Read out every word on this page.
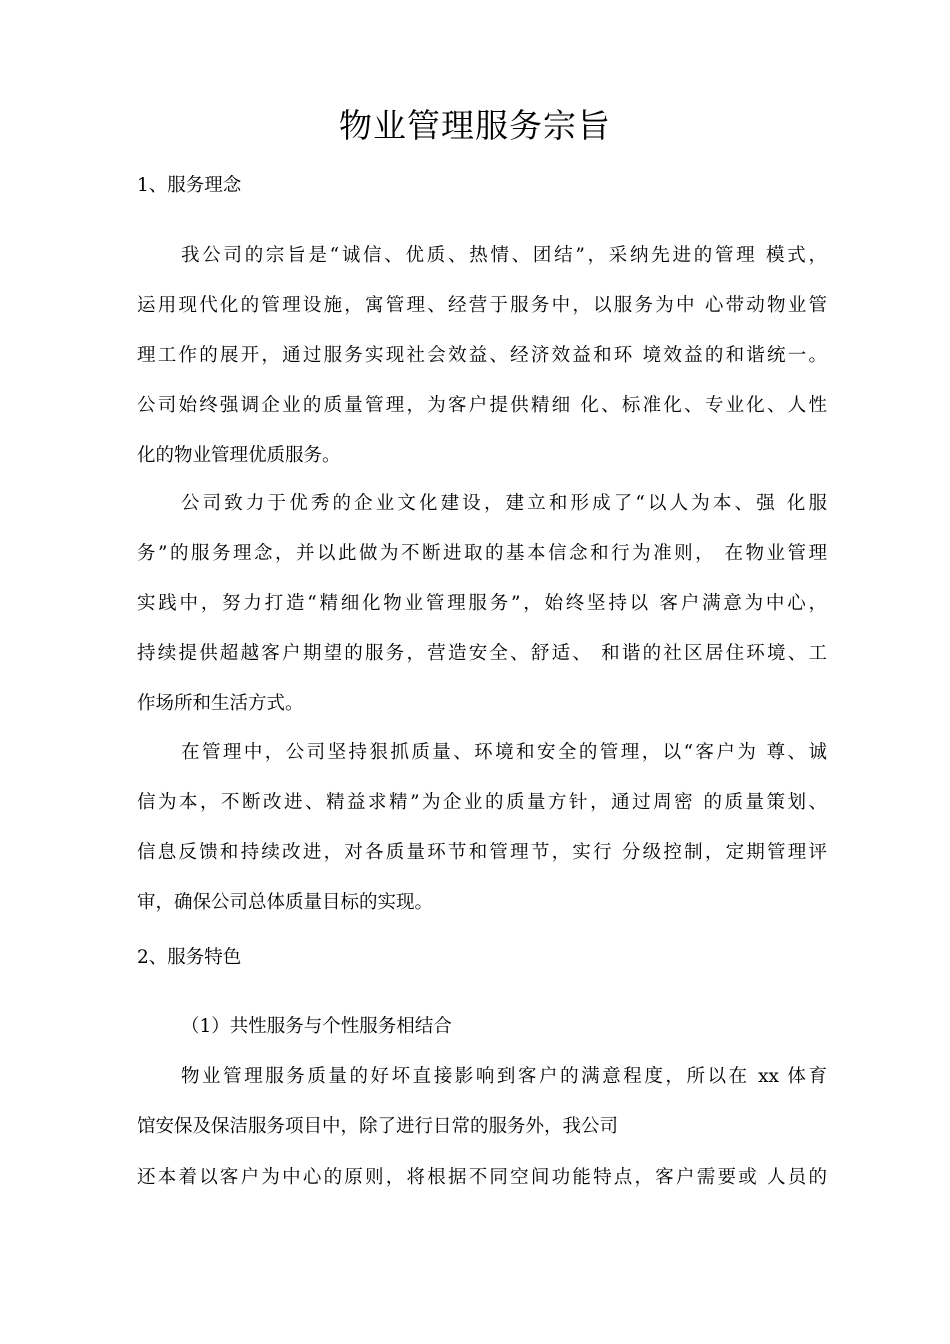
物业管理服务宗旨
1、服务理念
我公司的宗旨是“诚信、优质、热情、团结”，采纳先进的管理 模式，
运用现代化的管理设施，寓管理、经营于服务中，以服务为中 心带动物业管
理工作的展开，通过服务实现社会效益、经济效益和环 境效益的和谐统一。
公司始终强调企业的质量管理，为客户提供精细 化、标准化、专业化、人性
化的物业管理优质服务。
公司致力于优秀的企业文化建设，建立和形成了“以人为本、强 化服
务”的服务理念，并以此做为不断进取的基本信念和行为准则， 在物业管理
实践中，努力打造“精细化物业管理服务”，始终坚持以 客户满意为中心，
持续提供超越客户期望的服务，营造安全、舒适、 和谐的社区居住环境、工
作场所和生活方式。
在管理中，公司坚持狠抓质量、环境和安全的管理，以“客户为 尊、诚
信为本，不断改进、精益求精”为企业的质量方针，通过周密 的质量策划、
信息反馈和持续改进，对各质量环节和管理节，实行 分级控制，定期管理评
审，确保公司总体质量目标的实现。
2、服务特色
（1）共性服务与个性服务相结合
物业管理服务质量的好坏直接影响到客户的满意程度，所以在 xx 体育
馆安保及保洁服务项目中，除了进行日常的服务外，我公司
还本着以客户为中心的原则，将根据不同空间功能特点，客户需要或 人员的
